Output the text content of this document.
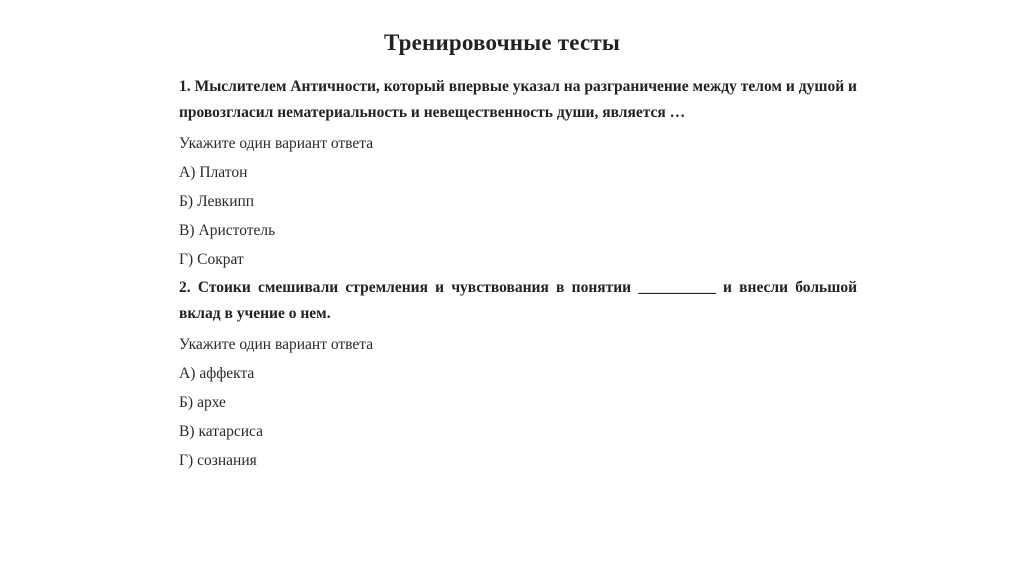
Тренировочные тесты

1. Мыслителем Античности, который впервые указал на разграничение между телом и душой и провозгласил нематериальность и невещественность души, является …

Укажите один вариант ответа

А) Платон

Б) Левкипп

В) Аристотель

Г) Сократ

2. Стоики смешивали стремления и чувствования в понятии __________ и внесли большой вклад в учение о нем.

Укажите один вариант ответа

А) аффекта

Б) архе

В) катарсиса

Г) сознания
